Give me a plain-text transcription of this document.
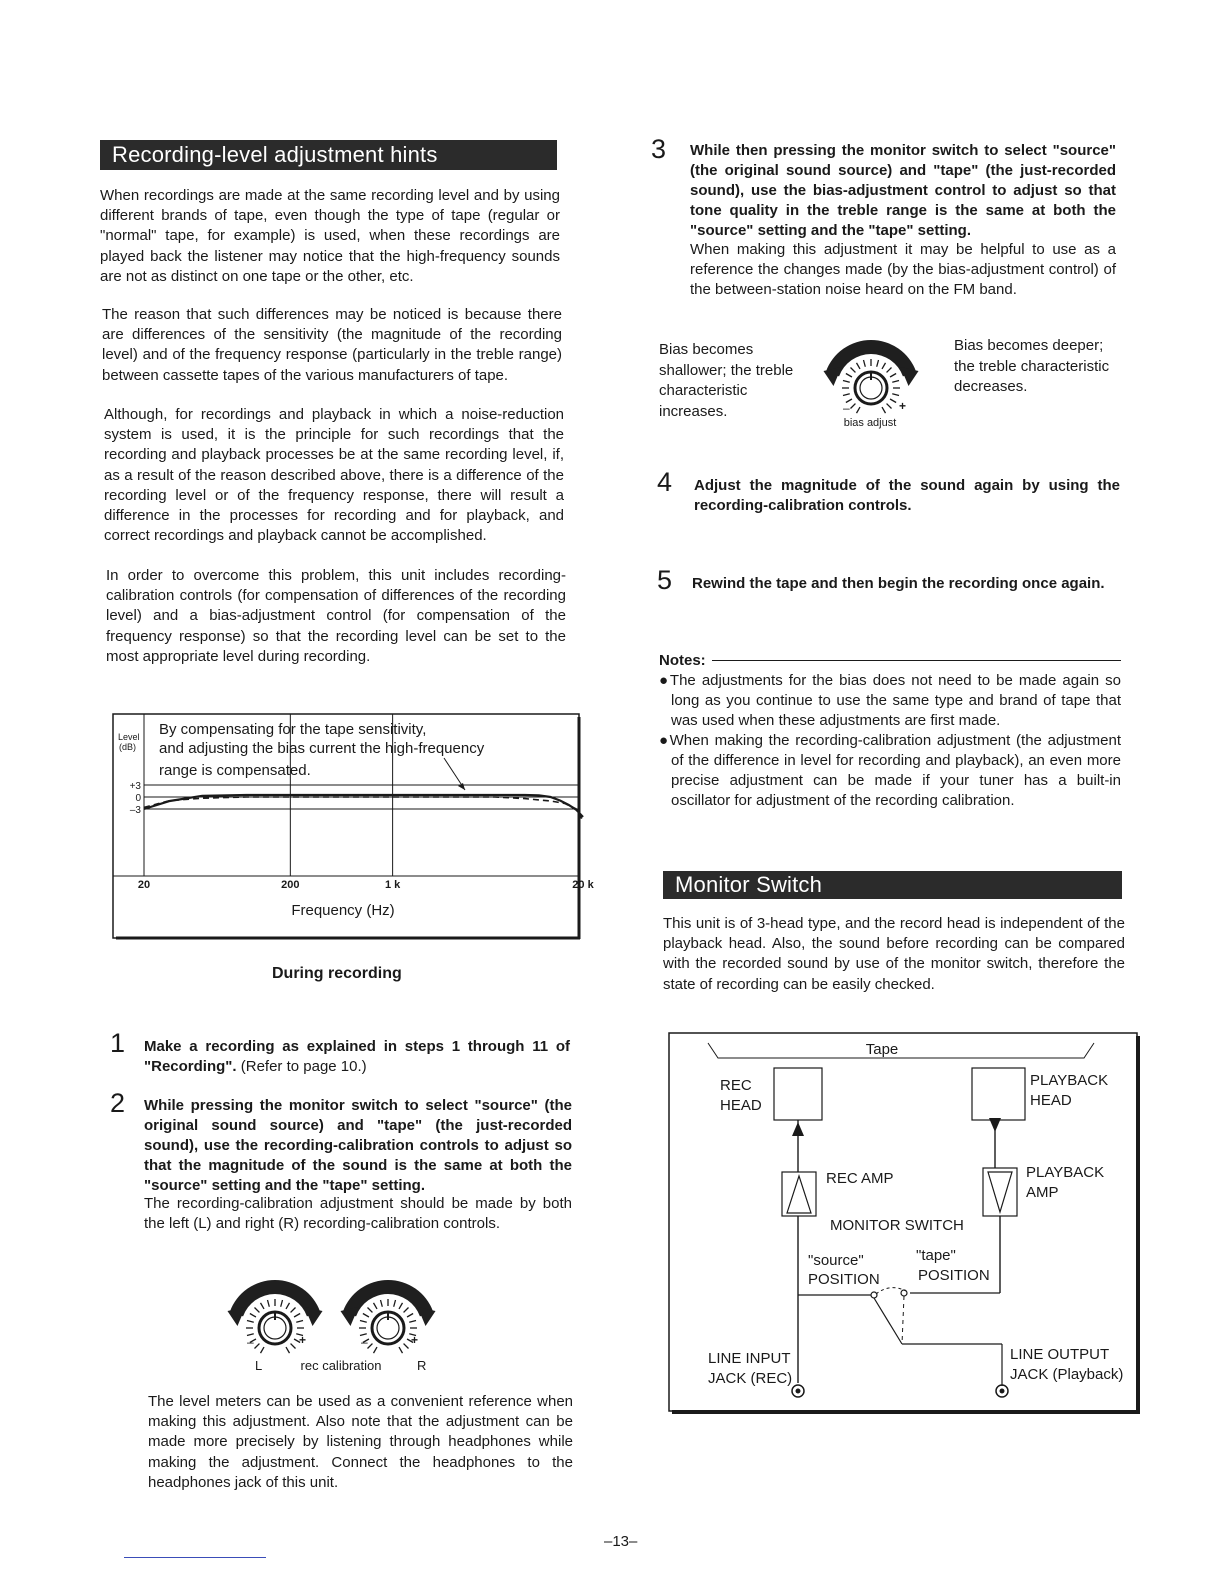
Recording-level adjustment hints

When recordings are made at the same recording level and by using different brands of tape, even though the type of tape (regular or "normal" tape, for example) is used, when these recordings are played back the listener may notice that the high-frequency sounds are not as distinct on one tape or the other, etc.

The reason that such differences may be noticed is because there are differences of the sensitivity (the magnitude of the recording level) and of the frequency response (particularly in the treble range) between cassette tapes of the various manufacturers of tape.

Although, for recordings and playback in which a noise-reduction system is used, it is the principle for such recordings that the recording and playback processes be at the same recording level, if, as a result of the reason described above, there is a difference of the recording level or of the frequency response, there will result a difference in the processes for recording and for playback, and correct recordings and playback cannot be accomplished.

In order to overcome this problem, this unit includes recording-calibration controls (for compensation of differences of the recording level) and a bias-adjustment control (for compensation of the frequency response) so that the recording level can be set to the most appropriate level during recording.

Level
(dB)
By compensating for the tape sensitivity,
and adjusting the bias current the high-frequency
range is compensated.
+3
0
–3
20	200	1 k	20 k
Frequency (Hz)
During recording
1 Make a recording as explained in steps 1 through 11 of "Recording". (Refer to page 10.)

2 While pressing the monitor switch to select "source" (the original sound source) and "tape" (the just-recorded sound), use the recording-calibration controls to adjust so that the magnitude of the sound is the same at both the "source" setting and the "tape" setting.

The recording-calibration adjustment should be made by both the left (L) and right (R) recording-calibration controls.

–	+	–	+
L	rec calibration	R

The level meters can be used as a convenient reference when making this adjustment. Also note that the adjustment can be made more precisely by listening through headphones while making the adjustment. Connect the headphones to the headphones jack of this unit.

3 While then pressing the monitor switch to select "source" (the original sound source) and "tape" (the just-recorded sound), use the bias-adjustment control to adjust so that tone quality in the treble range is the same at both the "source" setting and the "tape" setting.

When making this adjustment it may be helpful to use as a reference the changes made (by the bias-adjustment control) of the between-station noise heard on the FM band.

Bias becomes
shallower; the treble
characteristic
increases.	–	+
bias adjust
Bias becomes deeper;
the treble characteristic
decreases.
4 Adjust the magnitude of the sound again by using the recording-calibration controls.

5 Rewind the tape and then begin the recording once again.

Notes:

●The adjustments for the bias does not need to be made again so long as you continue to use the same type and brand of tape that was used when these adjustments are first made.

●When making the recording-calibration adjustment (the adjustment of the difference in level for recording and playback), an even more precise adjustment can be made if your tuner has a built-in oscillator for adjustment of the recording calibration.

Monitor Switch

This unit is of 3-head type, and the record head is independent of the playback head. Also, the sound before recording can be compared with the recorded sound by use of the monitor switch, therefore the state of recording can be easily checked.

Tape
REC
HEAD
PLAYBACK
HEAD
REC AMP	PLAYBACK
AMP
MONITOR SWITCH
"source"
POSITION
"tape"
POSITION
LINE INPUT
JACK (REC)
LINE OUTPUT
JACK (Playback)
–13–
